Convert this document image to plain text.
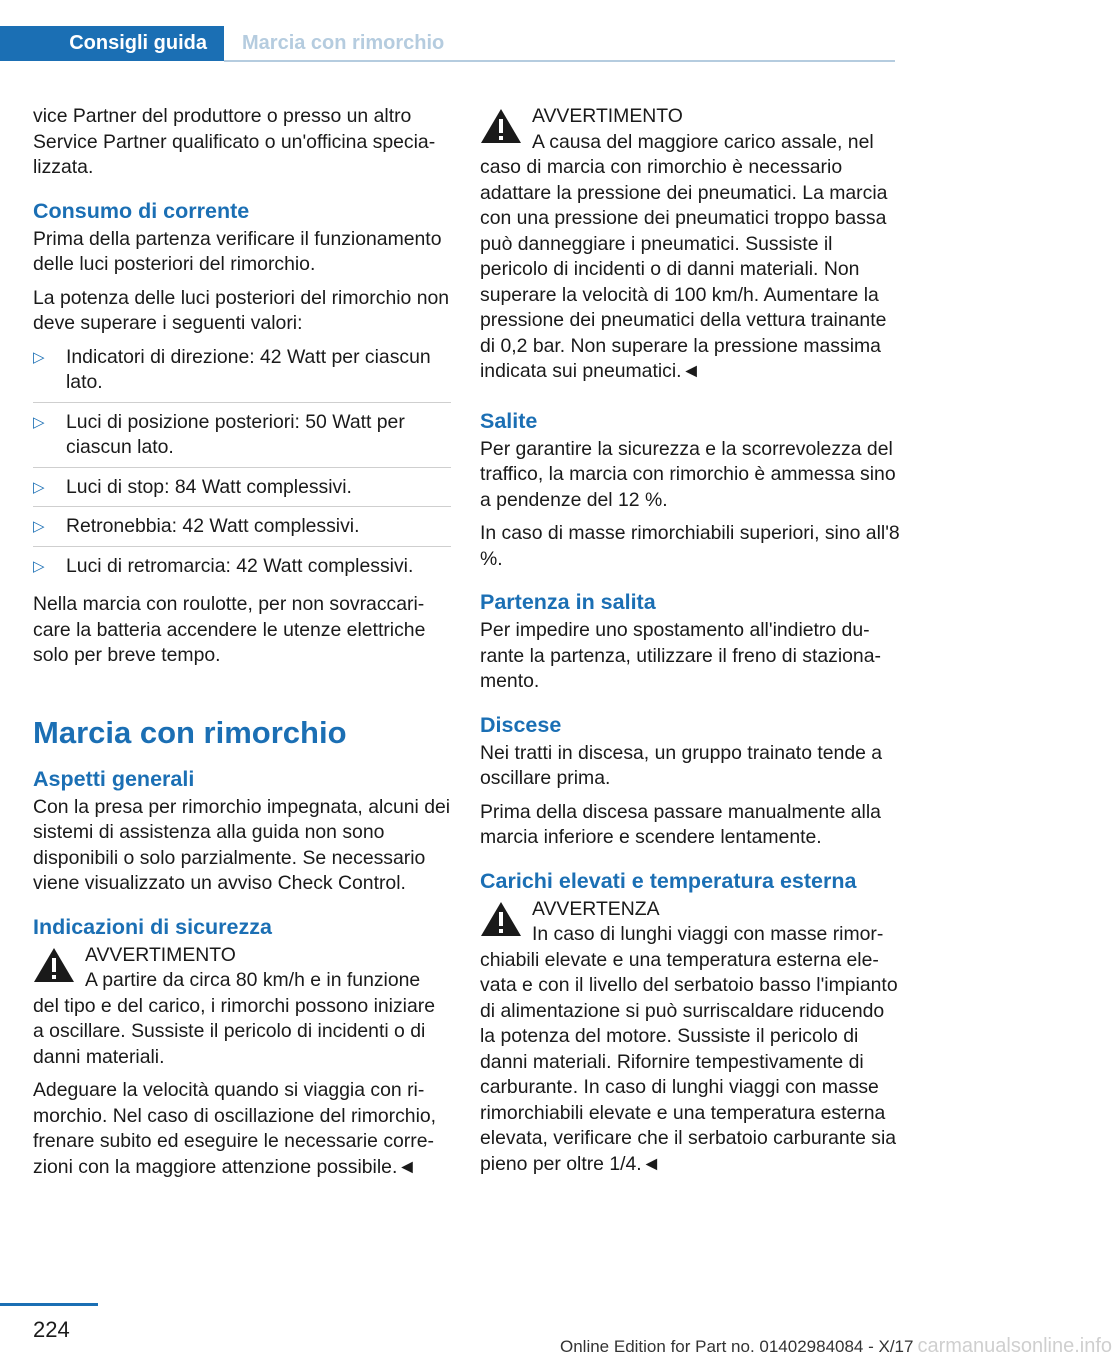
Consigli guida	Marcia con rimorchio

vice Partner del produttore o presso un altro Service Partner qualificato o un'officina specializzata.

Consumo di corrente

Prima della partenza verificare il funzionamento delle luci posteriori del rimorchio.

La potenza delle luci posteriori del rimorchio non deve superare i seguenti valori:

▷ Indicatori di direzione: 42 Watt per ciascun lato.
▷ Luci di posizione posteriori: 50 Watt per ciascun lato.
▷ Luci di stop: 84 Watt complessivi.
▷ Retronebbia: 42 Watt complessivi.
▷ Luci di retromarcia: 42 Watt complessivi.

Nella marcia con roulotte, per non sovraccaricare la batteria accendere le utenze elettriche solo per breve tempo.

Marcia con rimorchio
Aspetti generali

Con la presa per rimorchio impegnata, alcuni dei sistemi di assistenza alla guida non sono disponibili o solo parzialmente. Se necessario viene visualizzato un avviso Check Control.

Indicazioni di sicurezza
AVVERTIMENTO
A partire da circa 80 km/h e in funzione del tipo e del carico, i rimorchi possono iniziare a oscillare. Sussiste il pericolo di incidenti o di danni materiali.

Adeguare la velocità quando si viaggia con rimorchio. Nel caso di oscillazione del rimorchio, frenare subito ed eseguire le necessarie correzioni con la maggiore attenzione possibile.◄

AVVERTIMENTO
A causa del maggiore carico assale, nel caso di marcia con rimorchio è necessario adattare la pressione dei pneumatici. La marcia con una pressione dei pneumatici troppo bassa può danneggiare i pneumatici. Sussiste il pericolo di incidenti o di danni materiali. Non superare la velocità di 100 km/h. Aumentare la pressione dei pneumatici della vettura trainante di 0,2 bar. Non superare la pressione massima indicata sui pneumatici.◄
Salite

Per garantire la sicurezza e la scorrevolezza del traffico, la marcia con rimorchio è ammessa sino a pendenze del 12 %.

In caso di masse rimorchiabili superiori, sino all'8 %.

Partenza in salita

Per impedire uno spostamento all'indietro durante la partenza, utilizzare il freno di stazionamento.

Discese

Nei tratti in discesa, un gruppo trainato tende a oscillare prima.

Prima della discesa passare manualmente alla marcia inferiore e scendere lentamente.

Carichi elevati e temperatura esterna
AVVERTENZA
In caso di lunghi viaggi con masse rimorchiabili elevate e una temperatura esterna elevata e con il livello del serbatoio basso l'impianto di alimentazione si può surriscaldare riducendo la potenza del motore. Sussiste il pericolo di danni materiali. Rifornire tempestivamente di carburante. In caso di lunghi viaggi con masse rimorchiabili elevate e una temperatura esterna elevata, verificare che il serbatoio carburante sia pieno per oltre 1/4.◄
224
Online Edition for Part no. 01402984084 - X/17 carmanualsonline.info
